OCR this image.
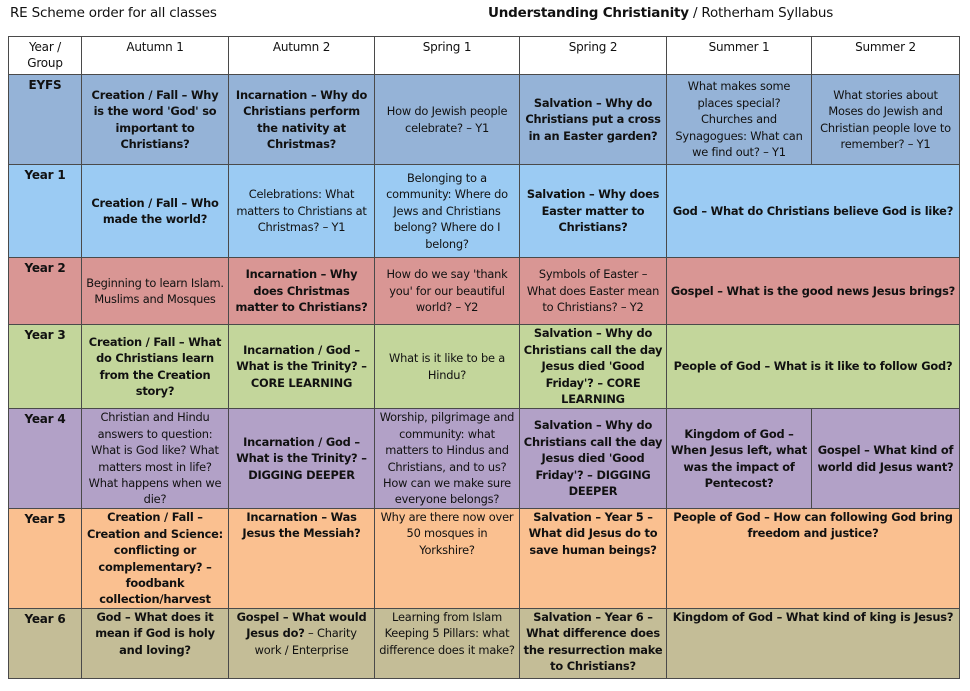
RE Scheme order for all classes	Understanding Christianity / Rotherham Syllabus
Year / Group	Autumn 1	Autumn 2	Spring 1	Spring 2	Summer 1	Summer 2
EYFS	Creation / Fall – Why is the word 'God' so important to Christians?	Incarnation – Why do Christians perform the nativity at Christmas?	How do Jewish people celebrate? – Y1	Salvation – Why do Christians put a cross in an Easter garden?	What makes some places special? Churches and Synagogues: What can we find out? – Y1	What stories about Moses do Jewish and Christian people love to remember? – Y1
Year 1	Creation / Fall – Who made the world?	Celebrations: What matters to Christians at Christmas? – Y1	Belonging to a community: Where do Jews and Christians belong? Where do I belong?	Salvation – Why does Easter matter to Christians?	God – What do Christians believe God is like?	
Year 2	Beginning to learn Islam. Muslims and Mosques	Incarnation – Why does Christmas matter to Christians?	How do we say 'thank you' for our beautiful world? – Y2	Symbols of Easter – What does Easter mean to Christians? – Y2	Gospel – What is the good news Jesus brings?	
Year 3	Creation / Fall – What do Christians learn from the Creation story?	Incarnation / God – What is the Trinity? – CORE LEARNING	What is it like to be a Hindu?	Salvation – Why do Christians call the day Jesus died 'Good Friday'? – CORE LEARNING	People of God – What is it like to follow God?	
Year 4	Christian and Hindu answers to question: What is God like? What matters most in life? What happens when we die?	Incarnation / God – What is the Trinity? – DIGGING DEEPER	Worship, pilgrimage and community: what matters to Hindus and Christians, and to us? How can we make sure everyone belongs?	Salvation – Why do Christians call the day Jesus died 'Good Friday'? – DIGGING DEEPER	Kingdom of God – When Jesus left, what was the impact of Pentecost?	Gospel – What kind of world did Jesus want?
Year 5	Creation / Fall – Creation and Science: conflicting or complementary? – foodbank collection/harvest	Incarnation – Was Jesus the Messiah?	Why are there now over 50 mosques in Yorkshire?	Salvation – Year 5 – What did Jesus do to save human beings?	People of God – How can following God bring freedom and justice?	
Year 6	God – What does it mean if God is holy and loving?	Gospel – What would Jesus do? – Charity work / Enterprise	Learning from Islam Keeping 5 Pillars: what difference does it make?	Salvation – Year 6 – What difference does the resurrection make to Christians?	Kingdom of God – What kind of king is Jesus?	
